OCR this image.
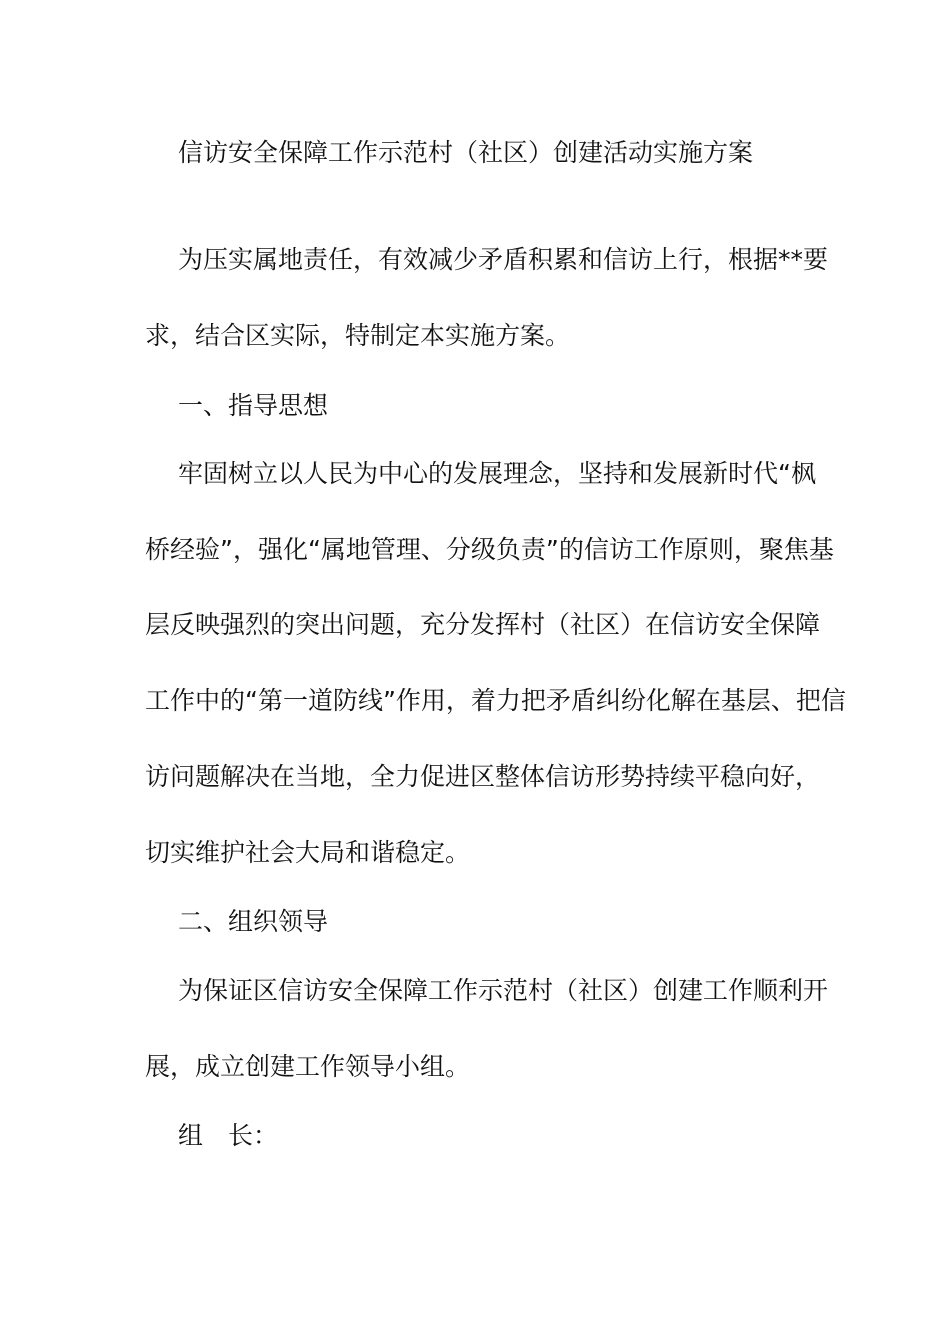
信访安全保障工作示范村（社区）创建活动实施方案
为压实属地责任，有效减少矛盾积累和信访上行，根据**要
求，结合区实际，特制定本实施方案。
一、指导思想
牢固树立以人民为中心的发展理念，坚持和发展新时代“枫
桥经验”，强化“属地管理、分级负责”的信访工作原则，聚焦基
层反映强烈的突出问题，充分发挥村（社区）在信访安全保障
工作中的“第一道防线”作用，着力把矛盾纠纷化解在基层、把信
访问题解决在当地，全力促进区整体信访形势持续平稳向好，
切实维护社会大局和谐稳定。
二、组织领导
为保证区信访安全保障工作示范村（社区）创建工作顺利开
展，成立创建工作领导小组。
组　长：
